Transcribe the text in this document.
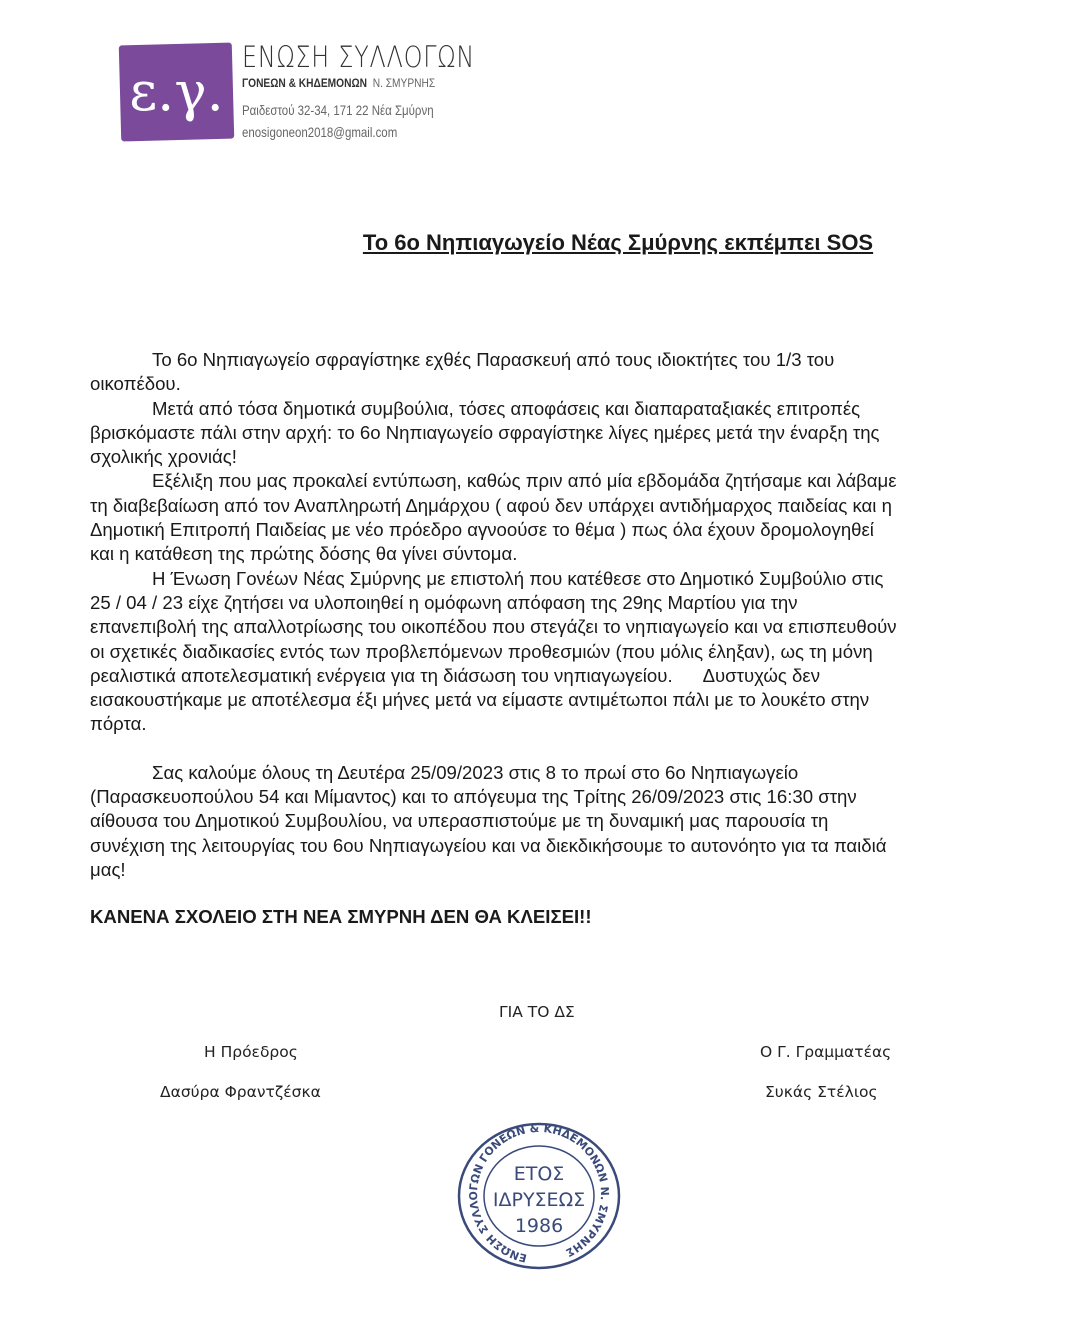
ε.γ.
ΕΝΩΣΗ ΣΥΛΛΟΓΩΝ
ΓΟΝΕΩΝ & ΚΗΔΕΜΟΝΩΝ Ν. ΣΜΥΡΝΗΣ
Ραιδεστού 32-34, 171 22 Νέα Σμύρνη
enosigoneon2018@gmail.com
Το 6ο Νηπιαγωγείο Νέας Σμύρνης εκπέμπει SOS
Το 6ο Νηπιαγωγείο σφραγίστηκε εχθές Παρασκευή από τους ιδιοκτήτες του 1/3 του
οικοπέδου.
Μετά από τόσα δημοτικά συμβούλια, τόσες αποφάσεις και διαπαραταξιακές επιτροπές
βρισκόμαστε πάλι στην αρχή: το 6ο Νηπιαγωγείο σφραγίστηκε λίγες ημέρες μετά την έναρξη της
σχολικής χρονιάς!
Εξέλιξη που μας προκαλεί εντύπωση, καθώς πριν από μία εβδομάδα ζητήσαμε και λάβαμε
τη διαβεβαίωση από τον Αναπληρωτή Δημάρχου ( αφού δεν υπάρχει αντιδήμαρχος παιδείας και η
Δημοτική Επιτροπή Παιδείας με νέο πρόεδρο αγνοούσε το θέμα ) πως όλα έχουν δρομολογηθεί
και η κατάθεση της πρώτης δόσης θα γίνει σύντομα.
Η Ένωση Γονέων Νέας Σμύρνης με επιστολή που κατέθεσε στο Δημοτικό Συμβούλιο στις
25 / 04 / 23 είχε ζητήσει να υλοποιηθεί η ομόφωνη απόφαση της 29ης Μαρτίου για την
επανεπιβολή της απαλλοτρίωσης του οικοπέδου που στεγάζει το νηπιαγωγείο και να επισπευθούν
οι σχετικές διαδικασίες εντός των προβλεπόμενων προθεσμιών (που μόλις έληξαν), ως τη μόνη
ρεαλιστικά αποτελεσματική ενέργεια για τη διάσωση του νηπιαγωγείου.      Δυστυχώς δεν
εισακουστήκαμε με αποτέλεσμα έξι μήνες μετά να είμαστε αντιμέτωποι πάλι με το λουκέτο στην
πόρτα.
Σας καλούμε όλους τη Δευτέρα 25/09/2023 στις 8 το πρωί στο 6ο Νηπιαγωγείο
(Παρασκευοπούλου 54 και Μίμαντος) και το απόγευμα της Τρίτης 26/09/2023 στις 16:30 στην
αίθουσα του Δημοτικού Συμβουλίου, να υπερασπιστούμε με τη δυναμική μας παρουσία τη
συνέχιση της λειτουργίας του 6ου Νηπιαγωγείου και να διεκδικήσουμε το αυτονόητο για τα παιδιά
μας!
ΚΑΝΕΝΑ ΣΧΟΛΕΙΟ ΣΤΗ ΝΕΑ ΣΜΥΡΝΗ ΔΕΝ ΘΑ ΚΛΕΙΣΕΙ!!
ΓΙΑ ΤΟ ΔΣ
Η Πρόεδρος
Δασύρα Φραντζέσκα
Ο Γ. Γραμματέας
Συκάς Στέλιος
ΕΝΩΣΗ ΣΥΛΛΟΓΩΝ ΓΟΝΕΩΝ & ΚΗΔΕΜΟΝΩΝ Ν. ΣΜΥΡΝΗΣ
ΕΤΟΣ
ΙΔΡΥΣΕΩΣ
1986
